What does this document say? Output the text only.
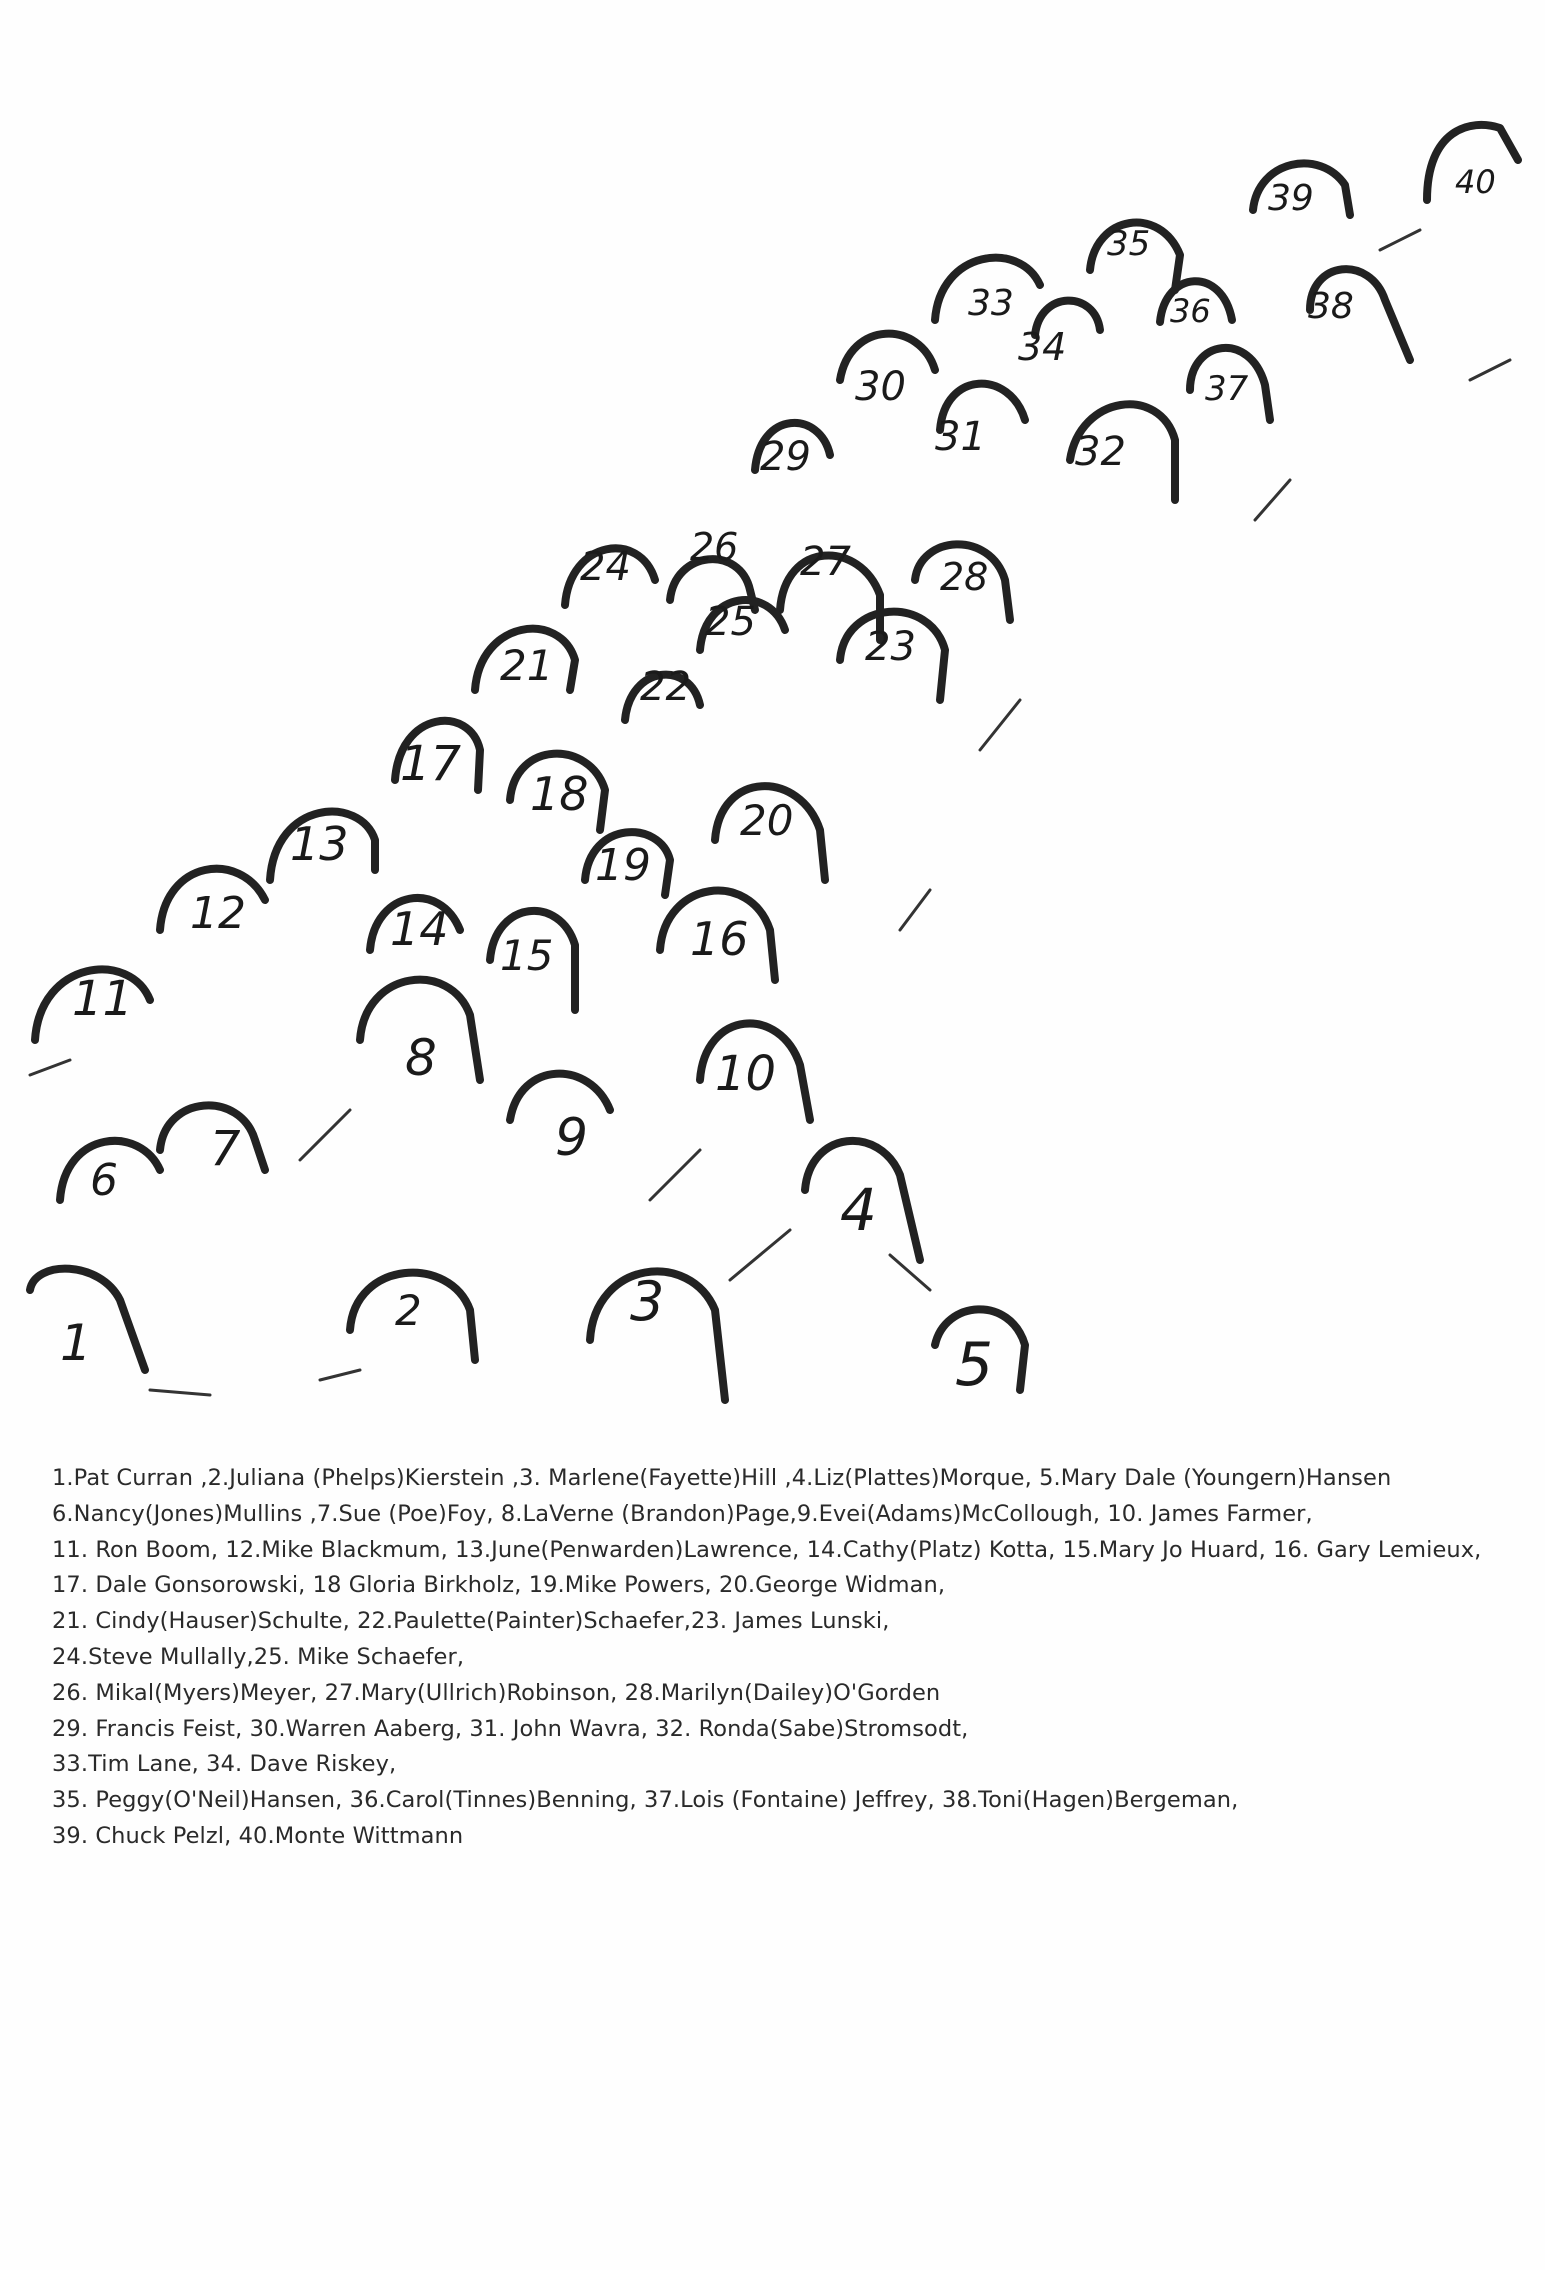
1
2	3
4
5
6
7
8
9
10
11
12
13
14 15	16
17
18
19
20
21 22
23
24
25
26 27 28
29
30
31 32
33
34
35
36
37
38
39	40
1.Pat Curran ,2.Juliana (Phelps)Kierstein ,3. Marlene(Fayette)Hill ,4.Liz(Plattes)Morque, 5.Mary Dale (Youngern)Hansen
6.Nancy(Jones)Mullins ,7.Sue (Poe)Foy, 8.LaVerne (Brandon)Page,9.Evei(Adams)McCollough, 10. James Farmer,
11. Ron Boom, 12.Mike Blackmum, 13.June(Penwarden)Lawrence, 14.Cathy(Platz) Kotta, 15.Mary Jo Huard, 16. Gary Lemieux,
17. Dale Gonsorowski, 18 Gloria Birkholz, 19.Mike Powers, 20.George Widman,
21. Cindy(Hauser)Schulte, 22.Paulette(Painter)Schaefer,23. James Lunski,
24.Steve Mullally,25. Mike Schaefer,
26. Mikal(Myers)Meyer, 27.Mary(Ullrich)Robinson, 28.Marilyn(Dailey)O'Gorden
29. Francis Feist, 30.Warren Aaberg, 31. John Wavra, 32. Ronda(Sabe)Stromsodt,
33.Tim Lane, 34. Dave Riskey,
35. Peggy(O'Neil)Hansen, 36.Carol(Tinnes)Benning, 37.Lois (Fontaine) Jeffrey, 38.Toni(Hagen)Bergeman,
39. Chuck Pelzl, 40.Monte Wittmann
